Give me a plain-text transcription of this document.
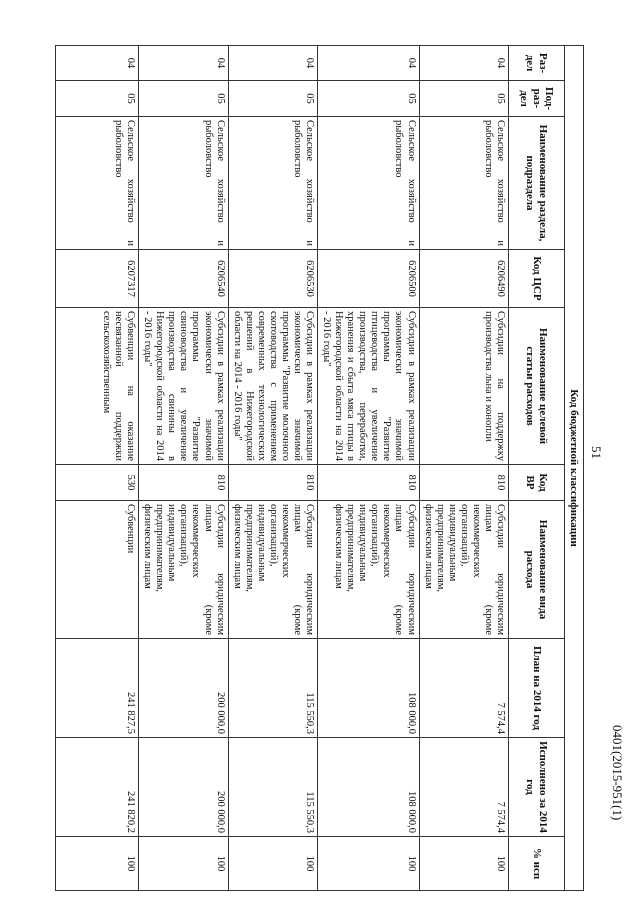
51
0401(2015-951(1)
Код бюджетной классификации									
Раз-дел	Под-раз-дел	Наименование раздела, подраздела	Код ЦСР	Наименование целевой статьи расходов	Код ВР	Наименование вида расхода	План на 2014 год	Исполнено за 2014 год	% исп
04	05	Сельское хозяйство и рыболовство	6206490	Субсидии на поддержку производства льна и конопли	810	Субсидии юридическим лицам (кроме некоммерческих организаций), индивидуальным предпринимателям, физическим лицам	7 574,4	7 574,4	100
04	05	Сельское хозяйство и рыболовство	6206500	Субсидии в рамках реализации экономически значимой программы "Развитие птицеводства и увеличение производства, переработки, хранения и сбыта мяса птицы в Нижегородской области на 2014 - 2016 годы"	810	Субсидии юридическим лицам (кроме некоммерческих организаций), индивидуальным предпринимателям, физическим лицам	108 000,0	108 000,0	100
04	05	Сельское хозяйство и рыболовство	6206530	Субсидии в рамках реализации экономически значимой программы "Развитие молочного скотоводства с применением современных технологических решений в Нижегородской области на 2014 - 2016 годы"	810	Субсидии юридическим лицам (кроме некоммерческих организаций), индивидуальным предпринимателям, физическим лицам	115 550,3	115 550,3	100
04	05	Сельское хозяйство и рыболовство	6206540	Субсидии в рамках реализации экономически значимой программы "Развитие свиноводства и увеличение производства свинины в Нижегородской области на 2014 - 2016 годы"	810	Субсидии юридическим лицам (кроме некоммерческих организаций), индивидуальным предпринимателям, физическим лицам	200 000,0	200 000,0	100
04	05	Сельское хозяйство и рыболовство	6207317	Субвенции на оказание несвязанной поддержки сельскохозяйственным	530	Субвенции	241 827,5	241 820,2	100
